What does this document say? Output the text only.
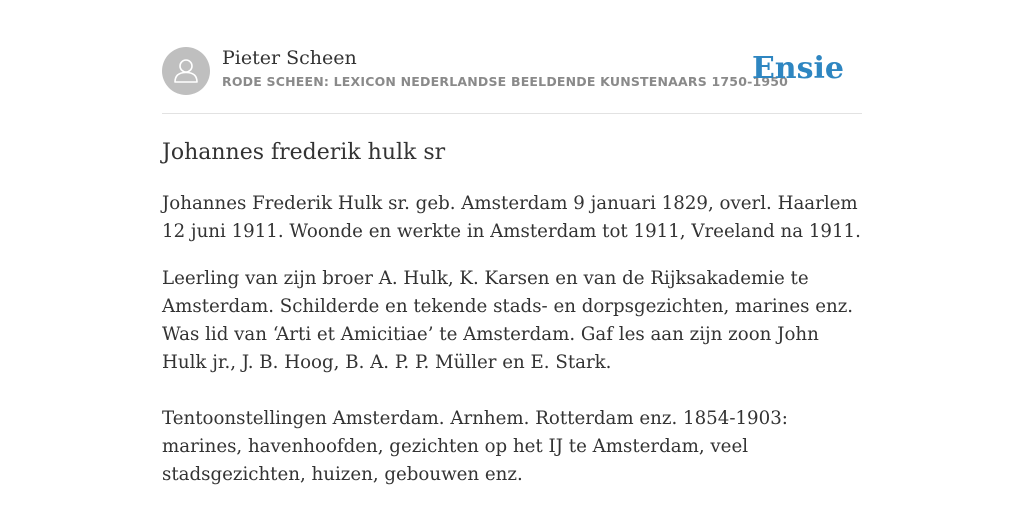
Pieter Scheen
RODE SCHEEN: LEXICON NEDERLANDSE BEELDENDE KUNSTENAARS 1750-1950
Ensie
Johannes frederik hulk sr

Johannes Frederik Hulk sr. geb. Amsterdam 9 januari 1829, overl. Haarlem 12 juni 1911. Woonde en werkte in Amsterdam tot 1911, Vreeland na 1911.

Leerling van zijn broer A. Hulk, K. Karsen en van de Rijksakademie te Amsterdam. Schilderde en tekende stads- en dorpsgezichten, marines enz. Was lid van ‘Arti et Amicitiae’ te Amsterdam. Gaf les aan zijn zoon John Hulk jr., J. B. Hoog, B. A. P. P. Müller en E. Stark.

Tentoonstellingen Amsterdam. Arnhem. Rotterdam enz. 1854-1903: marines, havenhoofden, gezichten op het IJ te Amsterdam, veel stadsgezichten, huizen, gebouwen enz.
